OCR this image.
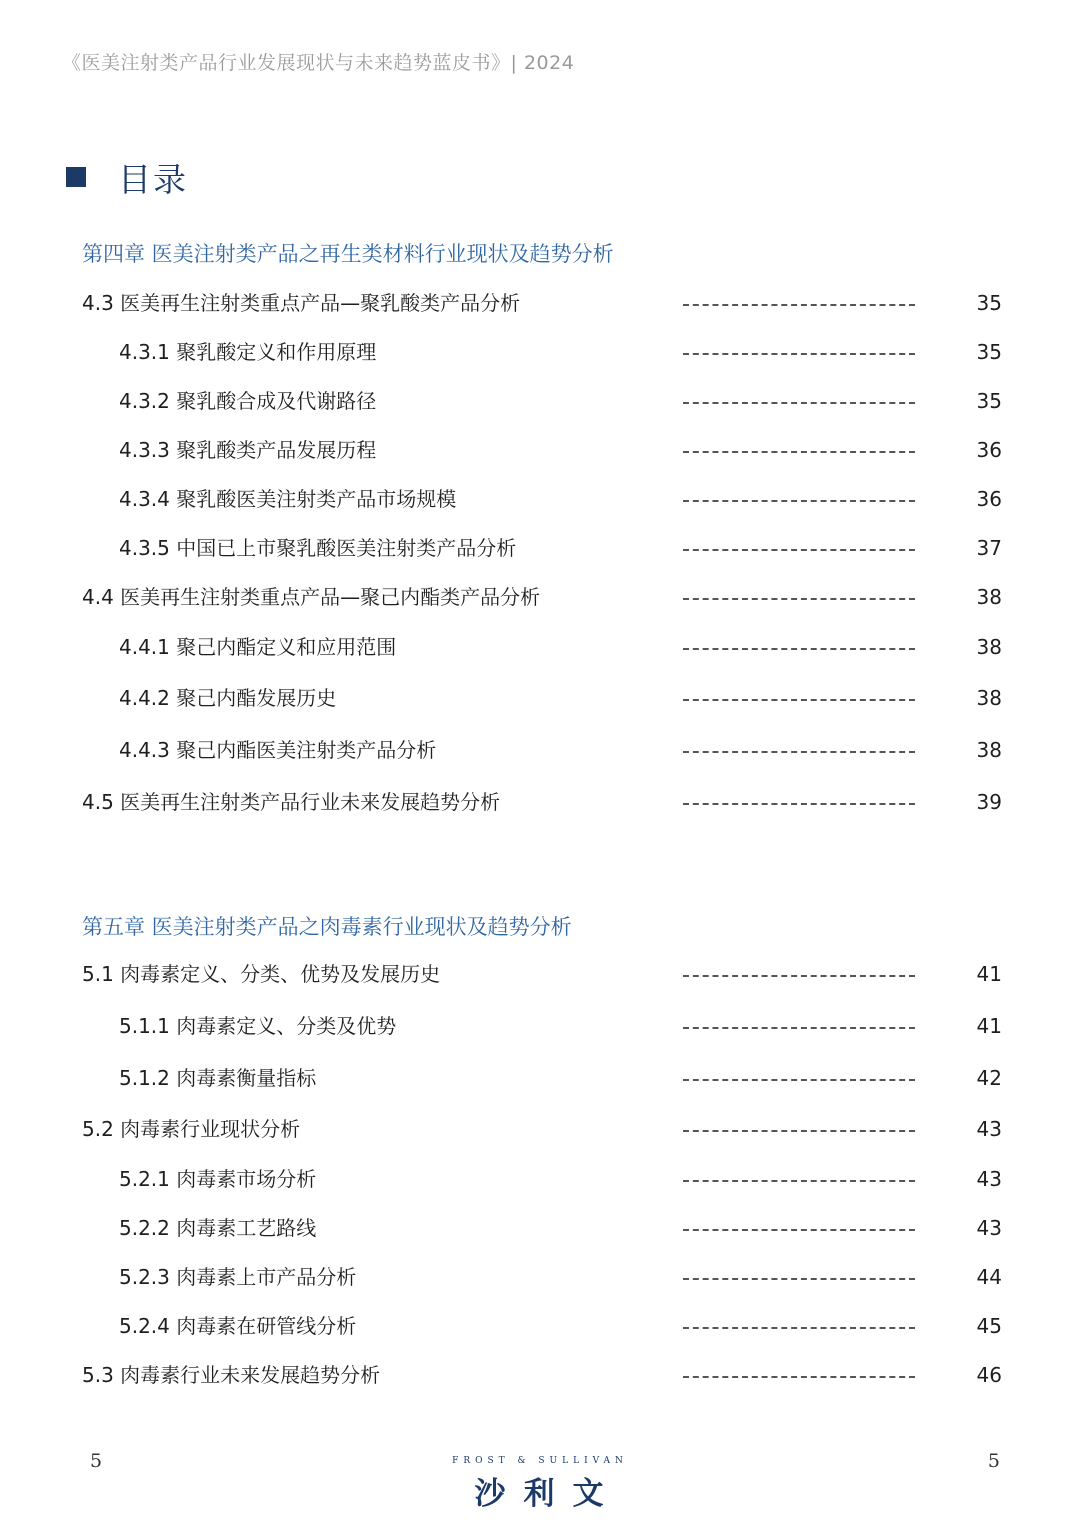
《医美注射类产品行业发展现状与未来趋势蓝皮书》| 2024
目录
第四章 医美注射类产品之再生类材料行业现状及趋势分析
4.3 医美再生注射类重点产品—聚乳酸类产品分析	35
4.3.1 聚乳酸定义和作用原理	35
4.3.2 聚乳酸合成及代谢路径	35
4.3.3 聚乳酸类产品发展历程	36
4.3.4 聚乳酸医美注射类产品市场规模	36
4.3.5 中国已上市聚乳酸医美注射类产品分析	37
4.4 医美再生注射类重点产品—聚己内酯类产品分析	38
4.4.1 聚己内酯定义和应用范围	38
4.4.2 聚己内酯发展历史	38
4.4.3 聚己内酯医美注射类产品分析	38
4.5 医美再生注射类产品行业未来发展趋势分析	39
第五章 医美注射类产品之肉毒素行业现状及趋势分析
5.1 肉毒素定义、分类、优势及发展历史	41
5.1.1 肉毒素定义、分类及优势	41
5.1.2 肉毒素衡量指标	42
5.2 肉毒素行业现状分析	43
5.2.1 肉毒素市场分析	43
5.2.2 肉毒素工艺路线	43
5.2.3 肉毒素上市产品分析	44
5.2.4 肉毒素在研管线分析	45
5.3 肉毒素行业未来发展趋势分析	46
5	FROST & SULLIVAN
沙利文
5
